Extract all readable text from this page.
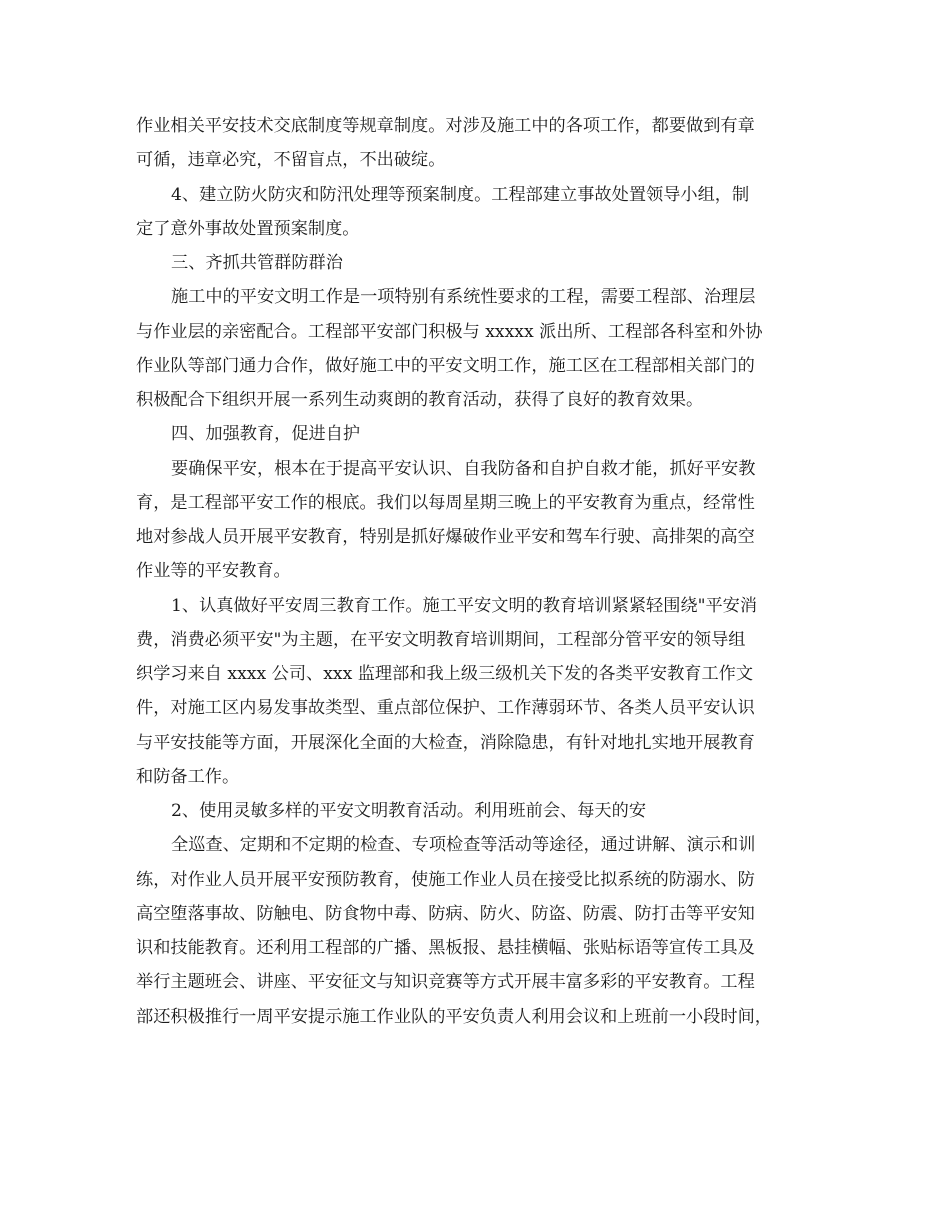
作业相关平安技术交底制度等规章制度。对涉及施工中的各项工作，都要做到有章
可循，违章必究，不留盲点，不出破绽。
4、建立防火防灾和防汛处理等预案制度。工程部建立事故处置领导小组，制
定了意外事故处置预案制度。
三、齐抓共管群防群治
施工中的平安文明工作是一项特别有系统性要求的工程，需要工程部、治理层
与作业层的亲密配合。工程部平安部门积极与 xxxxx 派出所、工程部各科室和外协
作业队等部门通力合作，做好施工中的平安文明工作，施工区在工程部相关部门的
积极配合下组织开展一系列生动爽朗的教育活动，获得了良好的教育效果。
四、加强教育，促进自护
要确保平安，根本在于提高平安认识、自我防备和自护自救才能，抓好平安教
育，是工程部平安工作的根底。我们以每周星期三晚上的平安教育为重点，经常性
地对参战人员开展平安教育，特别是抓好爆破作业平安和驾车行驶、高排架的高空
作业等的平安教育。
1、认真做好平安周三教育工作。施工平安文明的教育培训紧紧轻围绕"平安消
费，消费必须平安"为主题，在平安文明教育培训期间，工程部分管平安的领导组
织学习来自 xxxx 公司、xxx 监理部和我上级三级机关下发的各类平安教育工作文
件，对施工区内易发事故类型、重点部位保护、工作薄弱环节、各类人员平安认识
与平安技能等方面，开展深化全面的大检查，消除隐患，有针对地扎实地开展教育
和防备工作。
2、使用灵敏多样的平安文明教育活动。利用班前会、每天的安
全巡查、定期和不定期的检查、专项检查等活动等途径，通过讲解、演示和训
练，对作业人员开展平安预防教育，使施工作业人员在接受比拟系统的防溺水、防
高空堕落事故、防触电、防食物中毒、防病、防火、防盗、防震、防打击等平安知
识和技能教育。还利用工程部的广播、黑板报、悬挂横幅、张贴标语等宣传工具及
举行主题班会、讲座、平安征文与知识竞赛等方式开展丰富多彩的平安教育。工程
部还积极推行一周平安提示施工作业队的平安负责人利用会议和上班前一小段时间，
